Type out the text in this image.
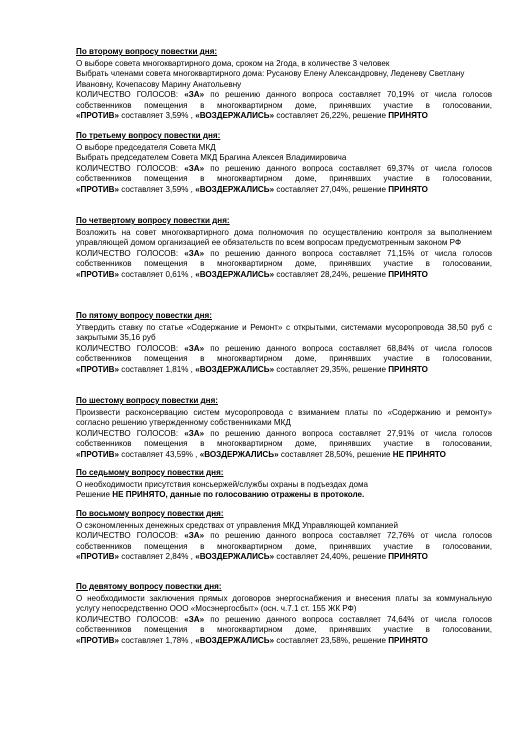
По второму вопросу повестки дня:

О выборе совета многоквартирного дома, сроком на 2года, в количестве 3 человек

Выбрать членами совета многоквартирного дома: Русанову Елену Александровну, Леденеву Светлану Ивановну, Кочепасову Марину Анатольевну

КОЛИЧЕСТВО ГОЛОСОВ: «ЗА» по решению данного вопроса составляет 70,19% от числа голосов собственников помещения в многоквартирном доме, принявших участие в голосовании,

«ПРОТИВ» составляет 3,59% , «ВОЗДЕРЖАЛИСЬ» составляет 26,22%, решение ПРИНЯТО

По третьему вопросу повестки дня:

О выборе председателя Совета МКД

Выбрать председателем Совета МКД Брагина Алексея Владимировича

КОЛИЧЕСТВО ГОЛОСОВ: «ЗА» по решению данного вопроса составляет 69,37% от числа голосов собственников помещения в многоквартирном доме, принявших участие в голосовании,

«ПРОТИВ» составляет 3,59% , «ВОЗДЕРЖАЛИСЬ» составляет 27,04%, решение ПРИНЯТО

По четвертому вопросу повестки дня:

Возложить на совет многоквартирного дома полномочия по осуществлению контроля за выполнением управляющей домом организацией ее обязательств по всем вопросам предусмотренным законом РФ

КОЛИЧЕСТВО ГОЛОСОВ: «ЗА» по решению данного вопроса составляет 71,15% от числа голосов собственников помещения в многоквартирном доме, принявших участие в голосовании,

«ПРОТИВ» составляет 0,61% , «ВОЗДЕРЖАЛИСЬ» составляет 28,24%, решение ПРИНЯТО

По пятому вопросу повестки дня:

Утвердить ставку по статье «Содержание и Ремонт» с открытыми, системами мусоропровода 38,50 руб с закрытыми 35,16 руб

КОЛИЧЕСТВО ГОЛОСОВ: «ЗА» по решению данного вопроса составляет 68,84% от числа голосов собственников помещения в многоквартирном доме, принявших участие в голосовании,

«ПРОТИВ» составляет 1,81% , «ВОЗДЕРЖАЛИСЬ» составляет 29,35%, решение ПРИНЯТО

По шестому вопросу повестки дня:

Произвести расконсервацию систем мусоропровода с взиманием платы по «Содержанию и ремонту» согласно решению утвержденному собственниками МКД

КОЛИЧЕСТВО ГОЛОСОВ: «ЗА» по решению данного вопроса составляет 27,91% от числа голосов собственников помещения в многоквартирном доме, принявших участие в голосовании,

«ПРОТИВ» составляет 43,59% , «ВОЗДЕРЖАЛИСЬ» составляет 28,50%, решение НЕ ПРИНЯТО

По седьмому вопросу повестки дня:

О необходимости присутствия консьержей/службы охраны в подъездах дома

Решение НЕ ПРИНЯТО, данные по голосованию отражены в протоколе.

По восьмому вопросу повестки дня:

О сэкономленных денежных средствах от управления МКД Управляющей компанией

КОЛИЧЕСТВО ГОЛОСОВ: «ЗА» по решению данного вопроса составляет 72,76% от числа голосов собственников помещения в многоквартирном доме, принявших участие в голосовании,

«ПРОТИВ» составляет 2,84% , «ВОЗДЕРЖАЛИСЬ» составляет 24,40%, решение ПРИНЯТО

По девятому вопросу повестки дня:

О необходимости заключения прямых договоров энергоснабжения и внесения платы за коммунальную услугу непосредственно ООО «Мосэнергосбыт» (осн. ч.7.1 ст. 155 ЖК РФ)

КОЛИЧЕСТВО ГОЛОСОВ: «ЗА» по решению данного вопроса составляет 74,64% от числа голосов собственников помещения в многоквартирном доме, принявших участие в голосовании,

«ПРОТИВ» составляет 1,78% , «ВОЗДЕРЖАЛИСЬ» составляет 23,58%, решение ПРИНЯТО
